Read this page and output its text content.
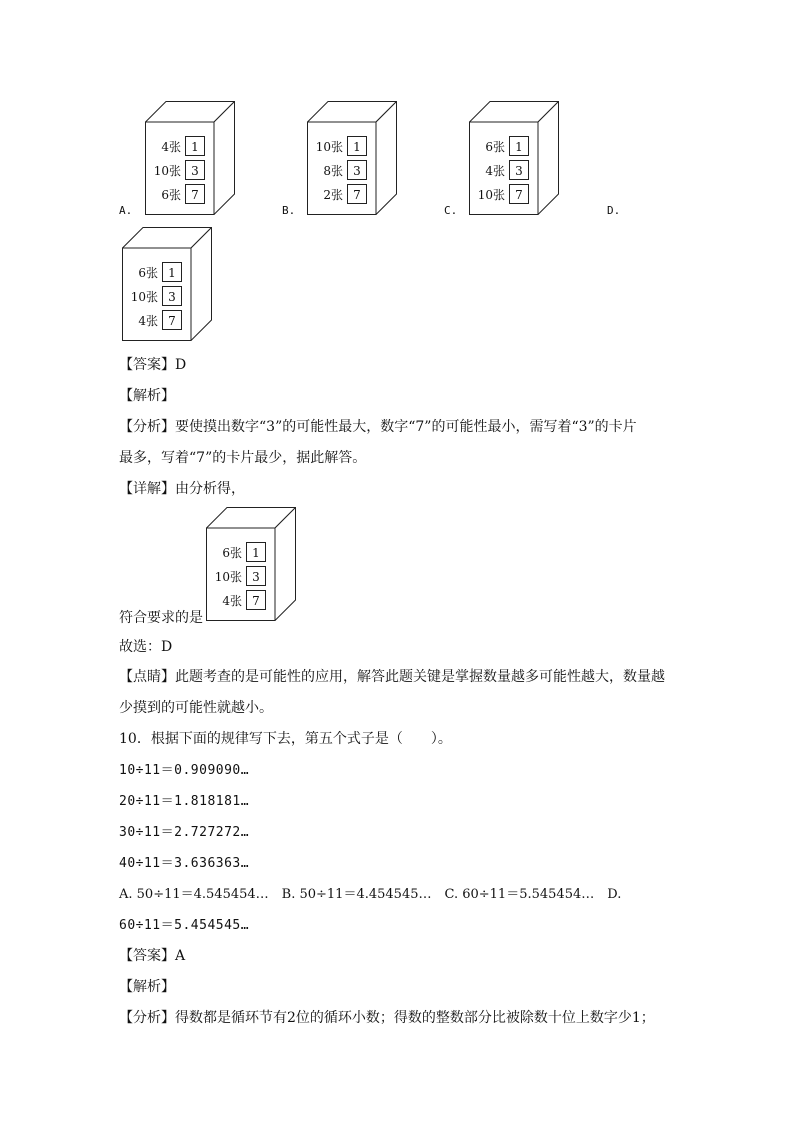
4张 1
10张 3
6张 7
10张 1
8张 3
2张 7
6张 1
4张 3
10张 7
6张 1
10张 3
4张 7
6张 1
10张 3
4张 7
A.	B.	C.	D.
【答案】D
【解析】
【分析】要使摸出数字“3”的可能性最大，数字“7”的可能性最小，需写着“3”的卡片
最多，写着“7”的卡片最少，据此解答。
【详解】由分析得，
符合要求的是
故选：D
【点睛】此题考查的是可能性的应用，解答此题关键是掌握数量越多可能性越大，数量越
少摸到的可能性就越小。
10．根据下面的规律写下去，第五个式子是（　　）。
10÷11＝0.909090…
20÷11＝1.818181…
30÷11＝2.727272…
40÷11＝3.636363…
A. 50÷11＝4.545454…　B. 50÷11＝4.454545…　C. 60÷11＝5.545454…　D.
60÷11＝5.454545…
【答案】A
【解析】
【分析】得数都是循环节有2位的循环小数；得数的整数部分比被除数十位上数字少1；
